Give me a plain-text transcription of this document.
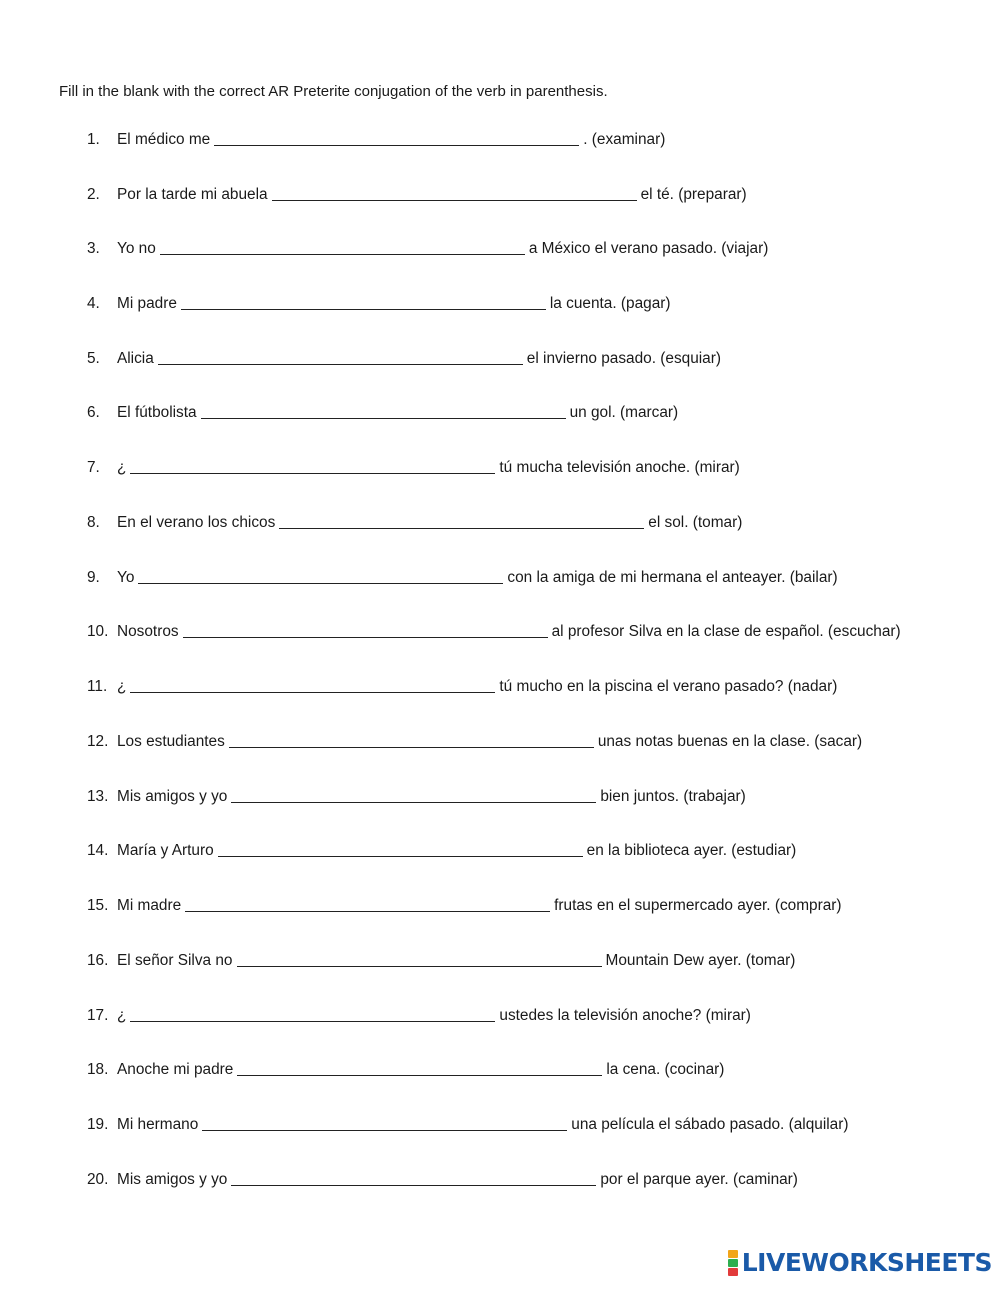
Fill in the blank with the correct AR Preterite conjugation of the verb in parenthesis.
1.	El médico me	. (examinar)
2.	Por la tarde mi abuela	el té. (preparar)
3.	Yo no	a México el verano pasado. (viajar)
4.	Mi padre	la cuenta. (pagar)
5.	Alicia	el invierno pasado. (esquiar)
6.	El fútbolista	un gol. (marcar)
7.	¿	tú mucha televisión anoche. (mirar)
8.	En el verano los chicos	el sol. (tomar)
9.	Yo	con la amiga de mi hermana el anteayer. (bailar)
10. Nosotros	al profesor Silva en la clase de español. (escuchar)
11. ¿	tú mucho en la piscina el verano pasado? (nadar)
12. Los estudiantes	unas notas buenas en la clase. (sacar)
13. Mis amigos y yo	bien juntos. (trabajar)
14. María y Arturo	en la biblioteca ayer. (estudiar)
15. Mi madre	frutas en el supermercado ayer. (comprar)
16. El señor Silva no	Mountain Dew ayer. (tomar)
17. ¿	ustedes la televisión anoche? (mirar)
18. Anoche mi padre	la cena. (cocinar)
19. Mi hermano	una película el sábado pasado. (alquilar)
20. Mis amigos y yo	por el parque ayer. (caminar)
LIVEWORKSHEETS
